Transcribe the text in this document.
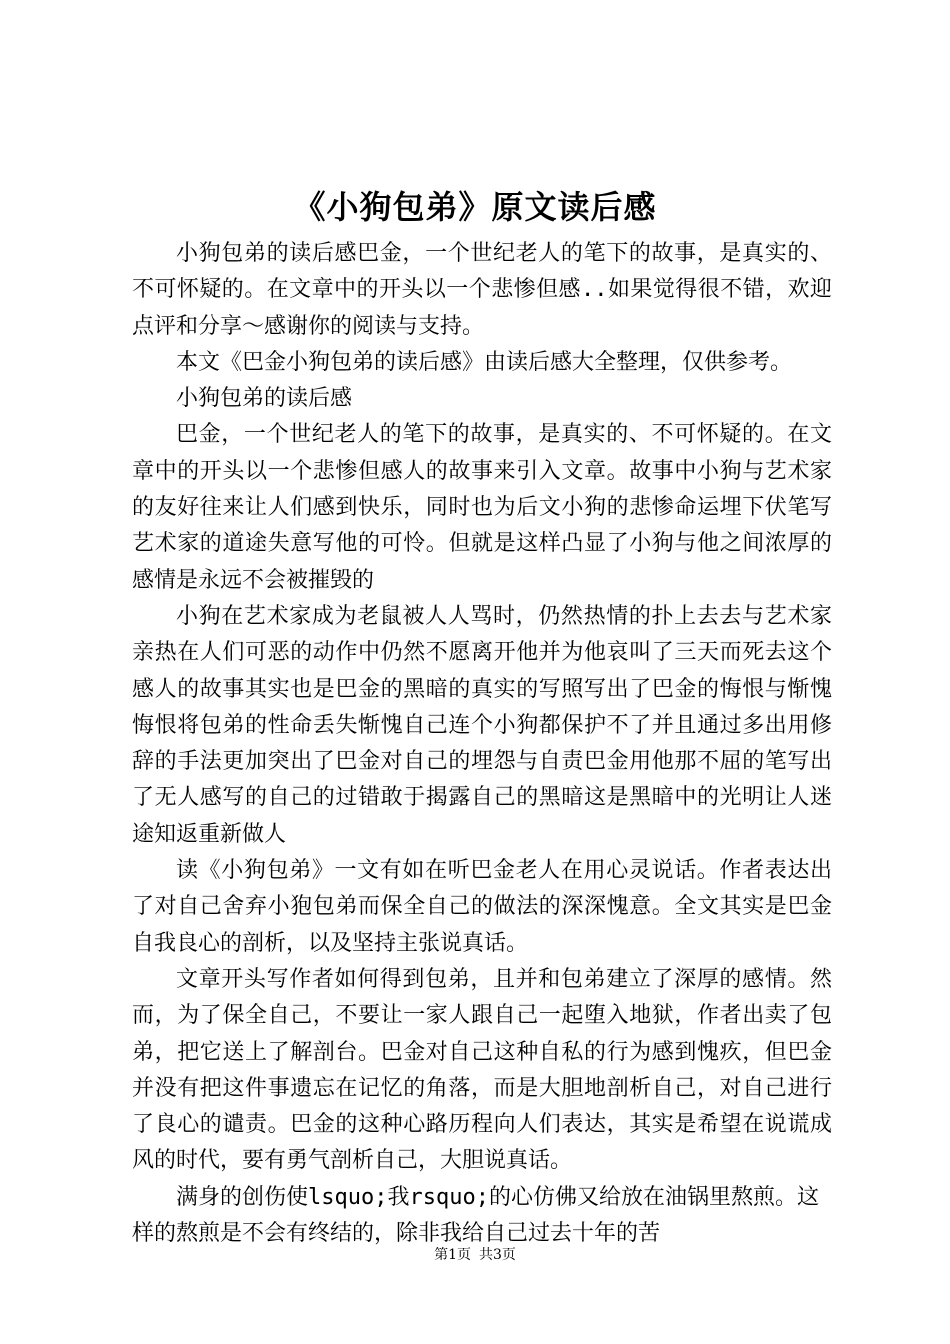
《小狗包弟》原文读后感

小狗包弟的读后感巴金，一个世纪老人的笔下的故事，是真实的、不可怀疑的。在文章中的开头以一个悲惨但感..如果觉得很不错，欢迎点评和分享～感谢你的阅读与支持。

本文《巴金小狗包弟的读后感》由读后感大全整理，仅供参考。

小狗包弟的读后感

巴金，一个世纪老人的笔下的故事，是真实的、不可怀疑的。在文章中的开头以一个悲惨但感人的故事来引入文章。故事中小狗与艺术家的友好往来让人们感到快乐，同时也为后文小狗的悲惨命运埋下伏笔写艺术家的道途失意写他的可怜。但就是这样凸显了小狗与他之间浓厚的感情是永远不会被摧毁的

小狗在艺术家成为老鼠被人人骂时，仍然热情的扑上去去与艺术家亲热在人们可恶的动作中仍然不愿离开他并为他哀叫了三天而死去这个感人的故事其实也是巴金的黑暗的真实的写照写出了巴金的悔恨与惭愧悔恨将包弟的性命丢失惭愧自己连个小狗都保护不了并且通过多出用修辞的手法更加突出了巴金对自己的埋怨与自责巴金用他那不屈的笔写出了无人感写的自己的过错敢于揭露自己的黑暗这是黑暗中的光明让人迷途知返重新做人

读《小狗包弟》一文有如在听巴金老人在用心灵说话。作者表达出了对自己舍弃小狍包弟而保全自己的做法的深深愧意。全文其实是巴金自我良心的剖析，以及坚持主张说真话。

文章开头写作者如何得到包弟，且并和包弟建立了深厚的感情。然而，为了保全自己，不要让一家人跟自己一起堕入地狱，作者出卖了包弟，把它送上了解剖台。巴金对自己这种自私的行为感到愧疚，但巴金并没有把这件事遗忘在记忆的角落，而是大胆地剖析自己，对自己进行了良心的谴责。巴金的这种心路历程向人们表达，其实是希望在说谎成风的时代，要有勇气剖析自己，大胆说真话。

满身的创伤使lsquo;我rsquo;的心仿佛又给放在油锅里熬煎。这样的熬煎是不会有终结的，除非我给自己过去十年的苦

第1页 共3页
